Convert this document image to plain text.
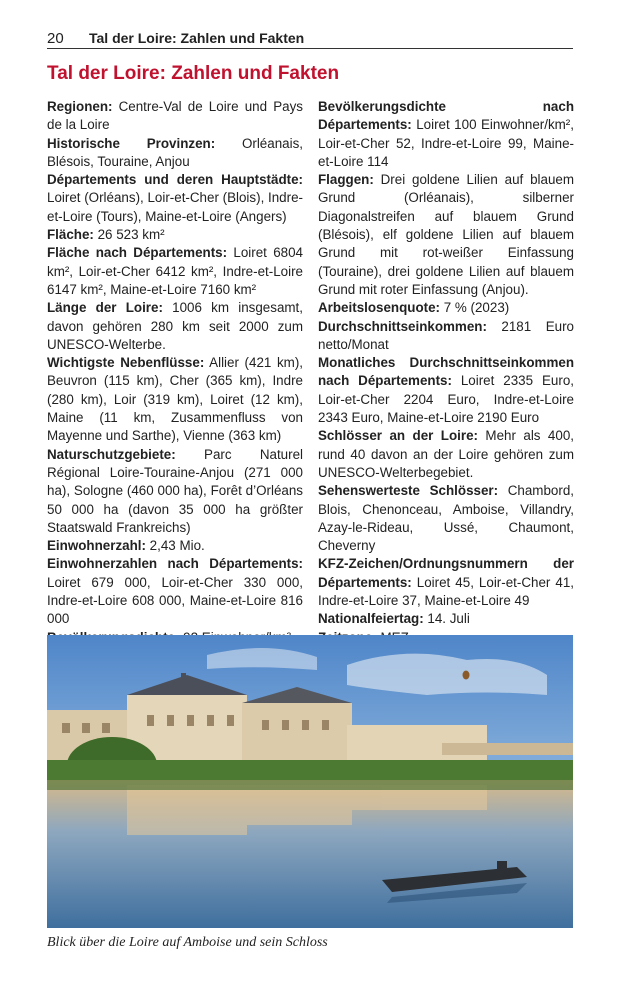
20 Tal der Loire: Zahlen und Fakten
Tal der Loire: Zahlen und Fakten

Regionen: Centre-Val de Loire und Pays de la Loire

Historische Provinzen: Orléanais, Blésois, Touraine, Anjou

Départements und deren Hauptstädte: Loiret (Orléans), Loir-et-Cher (Blois), Indre-et-Loire (Tours), Maine-et-Loire (Angers)

Fläche: 26 523 km²

Fläche nach Départements: Loiret 6804 km², Loir-et-Cher 6412 km², Indre-et-Loire 6147 km², Maine-et-Loire 7160 km²

Länge der Loire: 1006 km insgesamt, davon gehören 280 km seit 2000 zum UNESCO-Welterbe.

Wichtigste Nebenflüsse: Allier (421 km), Beuvron (115 km), Cher (365 km), Indre (280 km), Loir (319 km), Loiret (12 km), Maine (11 km, Zusammenfluss von Mayenne und Sarthe), Vienne (363 km)

Naturschutzgebiete: Parc Naturel Régional Loire-Touraine-Anjou (271 000 ha), Sologne (460 000 ha), Forêt d’Orléans 50 000 ha (davon 35 000 ha größter Staatswald Frankreichs)

Einwohnerzahl: 2,43 Mio.

Einwohnerzahlen nach Départements: Loiret 679 000, Loir-et-Cher 330 000, Indre-et-Loire 608 000, Maine-et-Loire 816 000

Bevölkerungsdichte nach Départements: Loiret 100 Einwohner/km², Loir-et-Cher 52, Indre-et-Loire 99, Maine-et-Loire 114

Flaggen: Drei goldene Lilien auf blauem Grund (Orléanais), silberner Diagonalstreifen auf blauem Grund (Blésois), elf goldene Lilien auf blauem Grund mit rot-weißer Einfassung (Touraine), drei goldene Lilien auf blauem Grund mit roter Einfassung (Anjou).

Arbeitslosenquote: 7 % (2023)

Durchschnittseinkommen: 2181 Euro netto/Monat

Monatliches Durchschnittseinkommen nach Départements: Loiret 2335 Euro, Loir-et-Cher 2204 Euro, Indre-et-Loire 2343 Euro, Maine-et-Loire 2190 Euro

Schlösser an der Loire: Mehr als 400, rund 40 davon an der Loire gehören zum UNESCO-Welterbegebiet.

Sehenswerteste Schlösser: Chambord, Blois, Chenonceau, Amboise, Villandry, Azay-le-Rideau, Ussé, Chaumont, Cheverny

KFZ-Zeichen/Ordnungsnummern der Départements: Loiret 45, Loir-et-Cher 41, Indre-et-Loire 37, Maine-et-Loire 49

Nationalfeiertag: 14. Juli

Blick über die Loire auf Amboise und sein Schloss
